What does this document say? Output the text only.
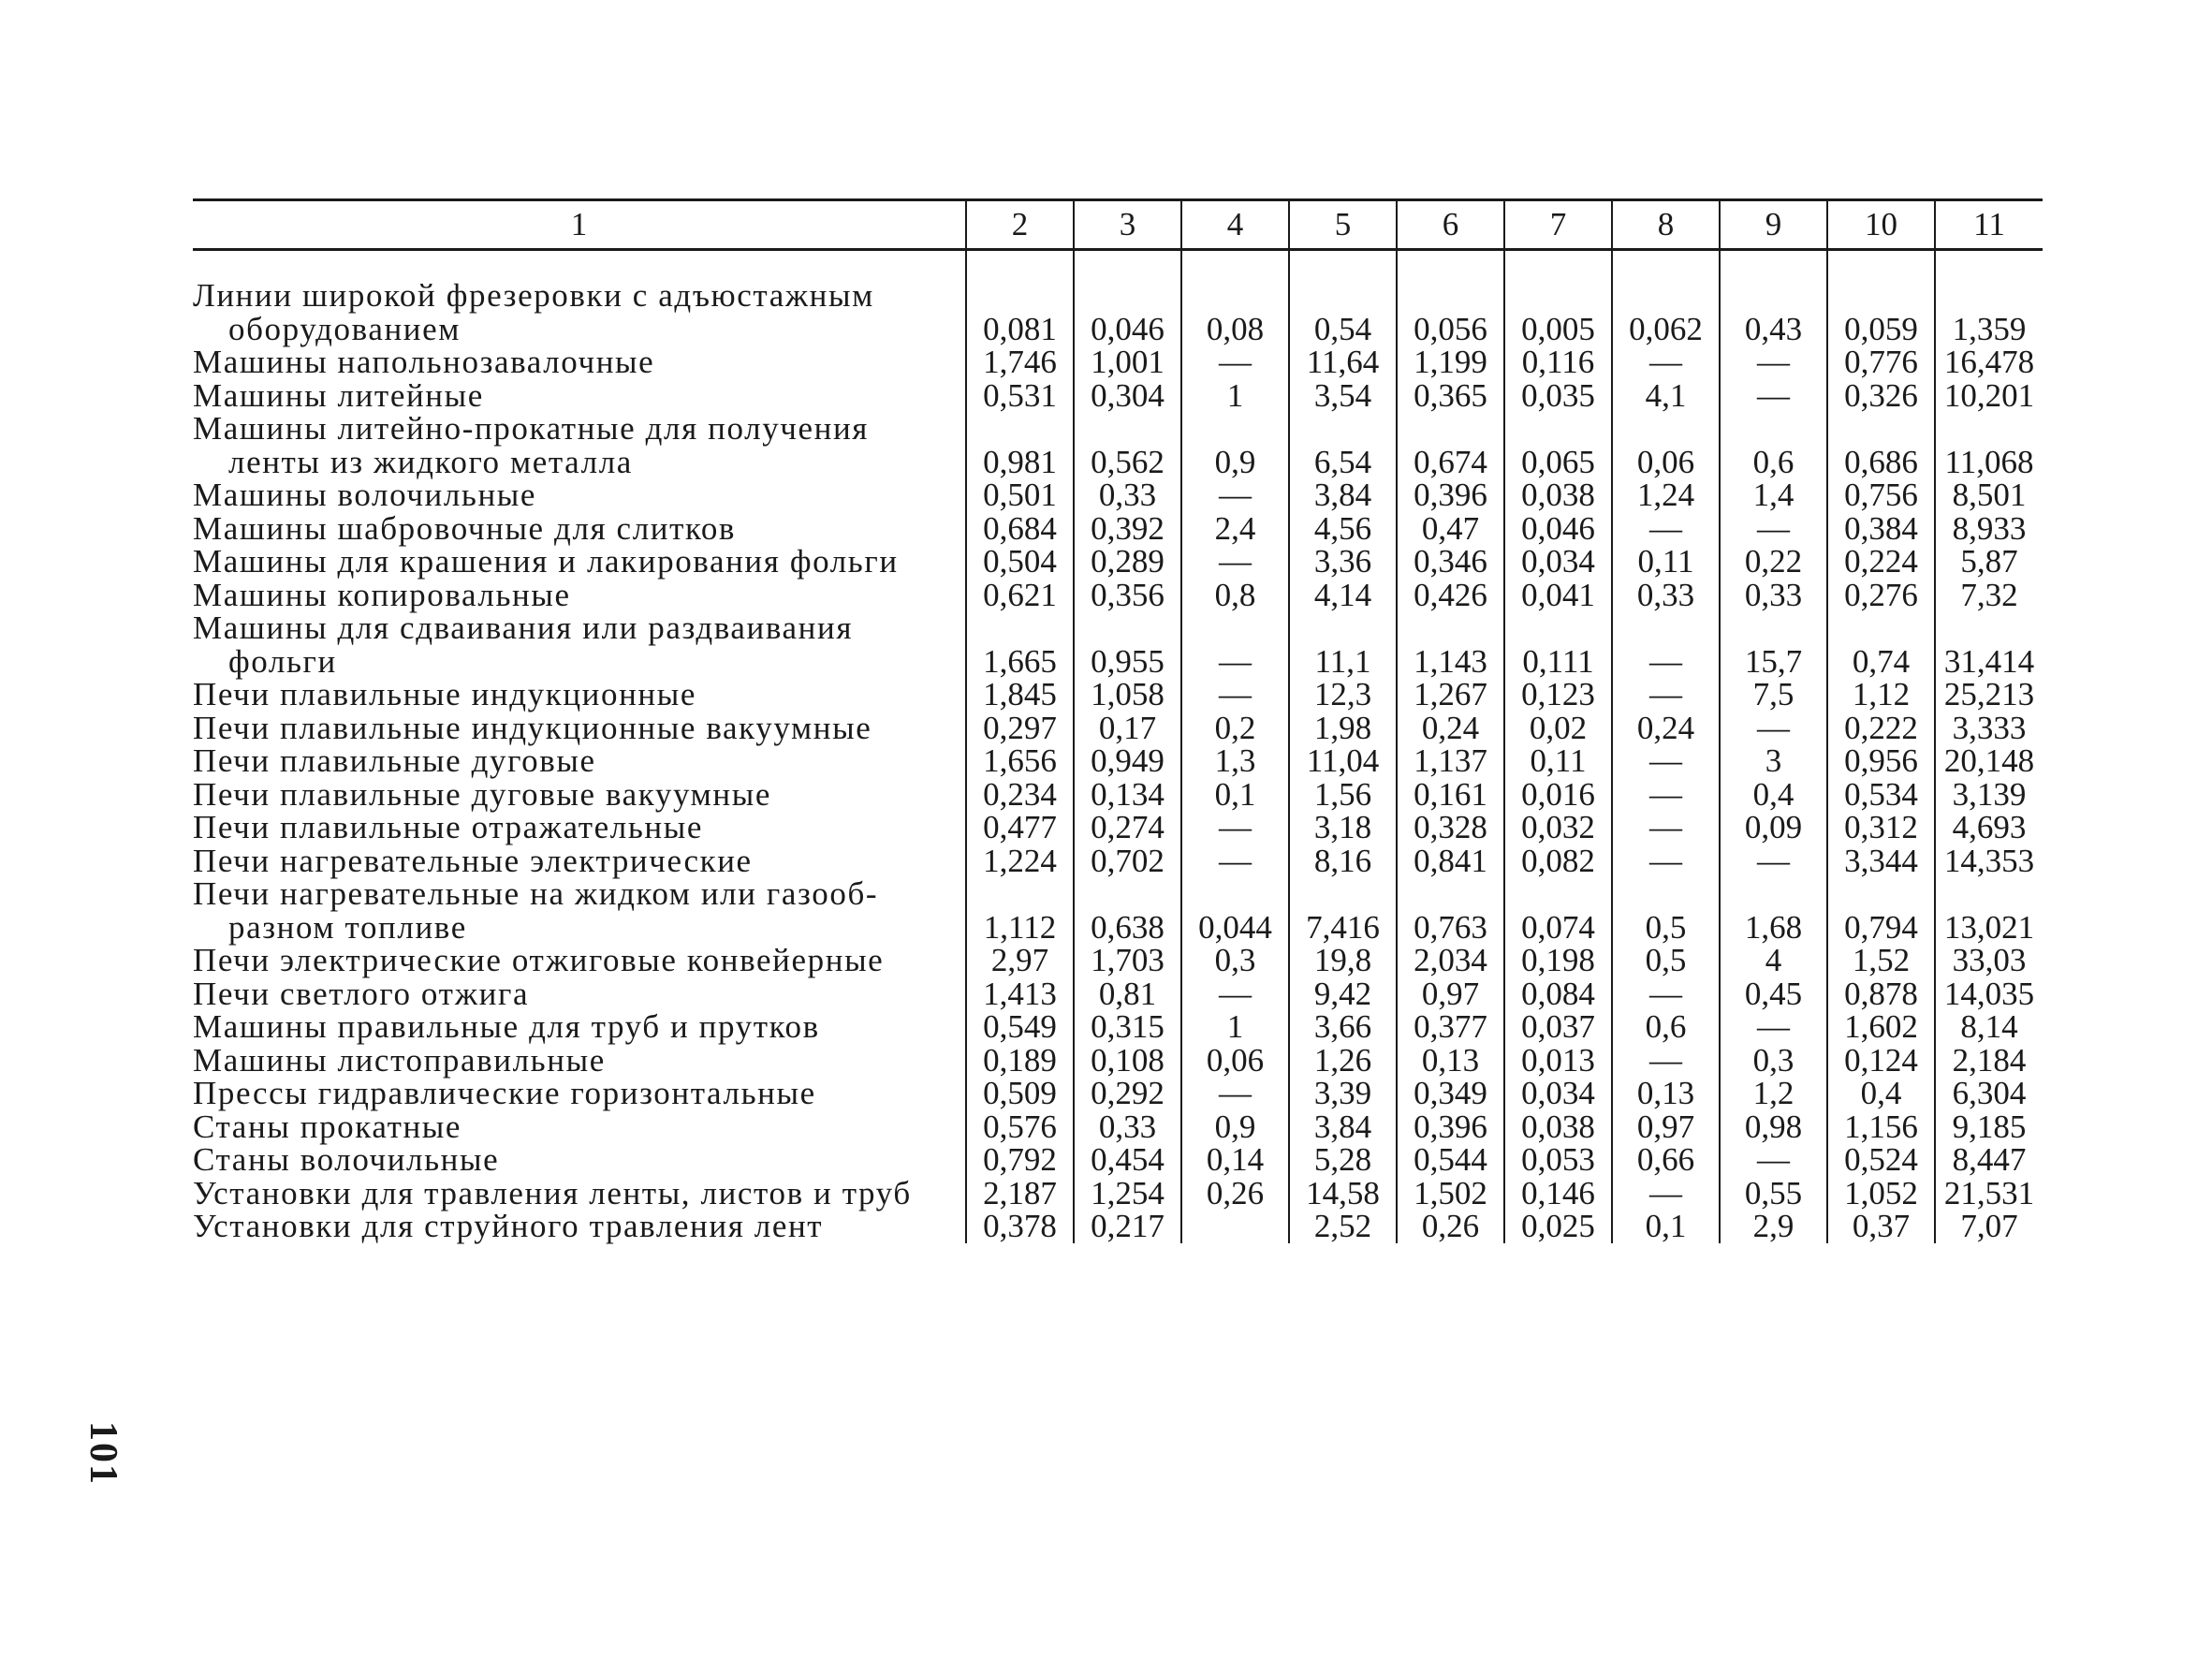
1	2	3	4	5	6	7	8	9	10	11

Линии широкой фрезеровки с адъюстажным
оборудованием	0,081	0,046	0,08	0,54	0,056	0,005	0,062	0,43	0,059	1,359

Машины напольнозавалочные	1,746	1,001	—	11,64	1,199	0,116	—	—	0,776	16,478

Машины литейные	0,531	0,304	1	3,54	0,365	0,035	4,1	—	0,326	10,201

Машины литейно-прокатные для получения
ленты из жидкого металла	0,981	0,562	0,9	6,54	0,674	0,065	0,06	0,6	0,686	11,068

Машины волочильные	0,501	0,33	—	3,84	0,396	0,038	1,24	1,4	0,756	8,501

Машины шабровочные для слитков	0,684	0,392	2,4	4,56	0,47	0,046	—	—	0,384	8,933

Машины для крашения и лакирования фольги	0,504	0,289	—	3,36	0,346	0,034	0,11	0,22	0,224	5,87

Машины копировальные	0,621	0,356	0,8	4,14	0,426	0,041	0,33	0,33	0,276	7,32

Машины для сдваивания или раздваивания
фольги	1,665	0,955	—	11,1	1,143	0,111	—	15,7	0,74	31,414

Печи плавильные индукционные	1,845	1,058	—	12,3	1,267	0,123	—	7,5	1,12	25,213

Печи плавильные индукционные вакуумные	0,297	0,17	0,2	1,98	0,24	0,02	0,24	—	0,222	3,333

Печи плавильные дуговые	1,656	0,949	1,3	11,04	1,137	0,11	—	3	0,956	20,148

Печи плавильные дуговые вакуумные	0,234	0,134	0,1	1,56	0,161	0,016	—	0,4	0,534	3,139

Печи плавильные отражательные	0,477	0,274	—	3,18	0,328	0,032	—	0,09	0,312	4,693

Печи нагревательные электрические	1,224	0,702	—	8,16	0,841	0,082	—	—	3,344	14,353

Печи нагревательные на жидком или газооб-
разном топливе	1,112	0,638	0,044	7,416	0,763	0,074	0,5	1,68	0,794	13,021

Печи электрические отжиговые конвейерные	2,97	1,703	0,3	19,8	2,034	0,198	0,5	4	1,52	33,03

Печи светлого отжига	1,413	0,81	—	9,42	0,97	0,084	—	0,45	0,878	14,035

Машины правильные для труб и прутков	0,549	0,315	1	3,66	0,377	0,037	0,6	—	1,602	8,14

Машины листоправильные	0,189	0,108	0,06	1,26	0,13	0,013	—	0,3	0,124	2,184

Прессы гидравлические горизонтальные	0,509	0,292	—	3,39	0,349	0,034	0,13	1,2	0,4	6,304

Станы прокатные	0,576	0,33	0,9	3,84	0,396	0,038	0,97	0,98	1,156	9,185

Станы волочильные	0,792	0,454	0,14	5,28	0,544	0,053	0,66	—	0,524	8,447

Установки для травления ленты, листов и труб	2,187	1,254	0,26	14,58	1,502	0,146	—	0,55	1,052	21,531

Установки для струйного травления лент	0,378	0,217		2,52	0,26	0,025	0,1	2,9	0,37	7,07
101
